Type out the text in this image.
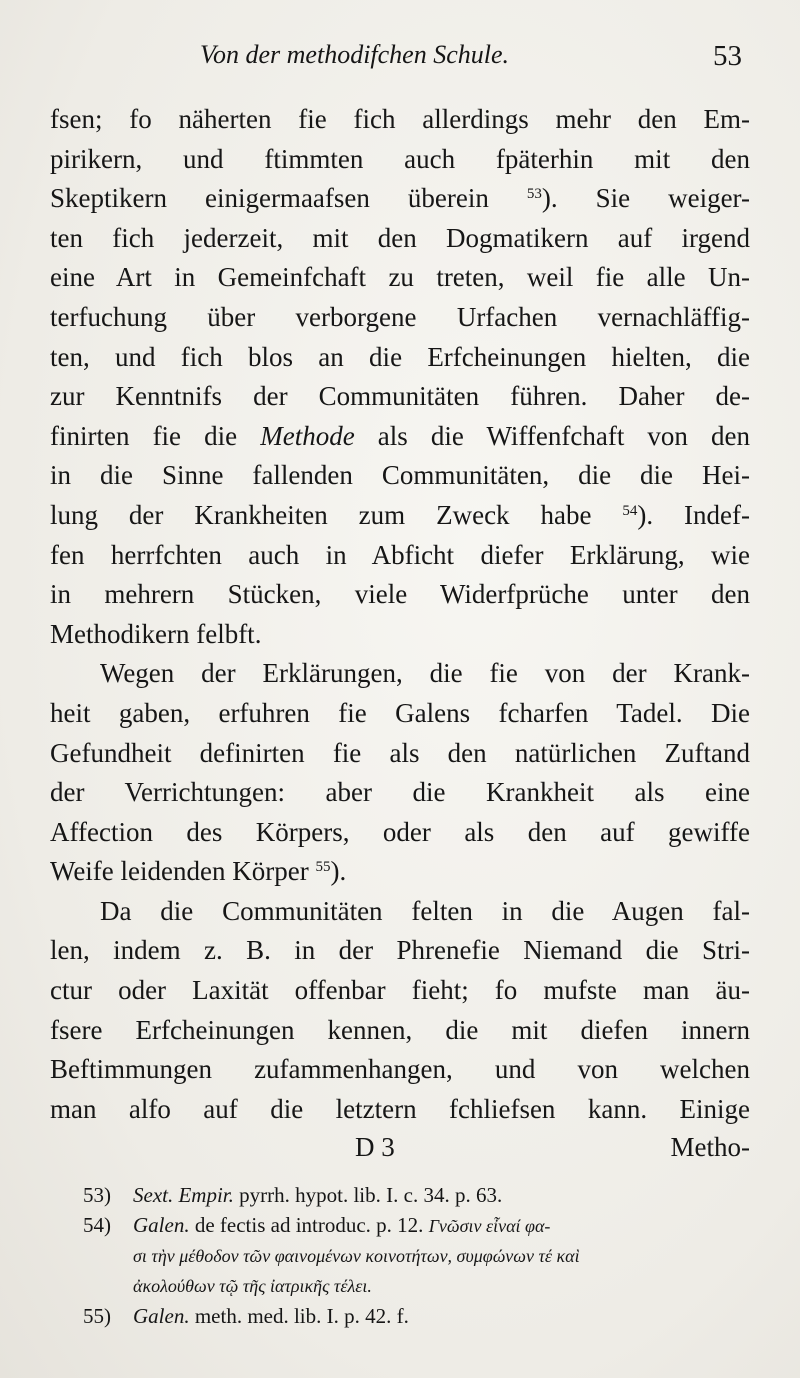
Von der methodifchen Schule.	53
fsen; fo näherten fie fich allerdings mehr den Em-
pirikern, und ftimmten auch fpäterhin mit den
Skeptikern einigermaafsen überein $^{53}$). Sie weiger-
ten fich jederzeit, mit den Dogmatikern auf irgend
eine Art in Gemeinfchaft zu treten, weil fie alle Un-
terfuchung über verborgene Urfachen vernachläffig-
ten, und fich blos an die Erfcheinungen hielten, die
zur Kenntnifs der Communitäten führen. Daher de-
finirten fie die Methode als die Wiffenfchaft von den
in die Sinne fallenden Communitäten, die die Hei-
lung der Krankheiten zum Zweck habe $^{54}$). Indef-
fen herrfchten auch in Abficht diefer Erklärung, wie
in mehrern Stücken, viele Widerfprüche unter den
Methodikern felbft.
Wegen der Erklärungen, die fie von der Krank-
heit gaben, erfuhren fie Galens fcharfen Tadel. Die
Gefundheit definirten fie als den natürlichen Zuftand
der Verrichtungen: aber die Krankheit als eine
Affection des Körpers, oder als den auf gewiffe
Weife leidenden Körper $^{55}$).
Da die Communitäten felten in die Augen fal-
len, indem z. B. in der Phrenefie Niemand die Stri-
ctur oder Laxität offenbar fieht; fo mufste man äu-
fsere Erfcheinungen kennen, die mit diefen innern
Beftimmungen zufammenhangen, und von welchen
man alfo auf die letztern fchliefsen kann. Einige
D 3	Metho-
53) Sext. Empir. pyrrh. hypot. lib. I. c. 34. p. 63.
54) Galen. de fectis ad introduc. p. 12. Γνῶσιν εἶναί φα-
σι τὴν μέθοδον τῶν φαινομένων κοινοτήτων, συμφώνων τέ καὶ
ἀκολούθων τῷ τῆς ἰατρικῆς τέλει.
55) Galen. meth. med. lib. I. p. 42. f.
